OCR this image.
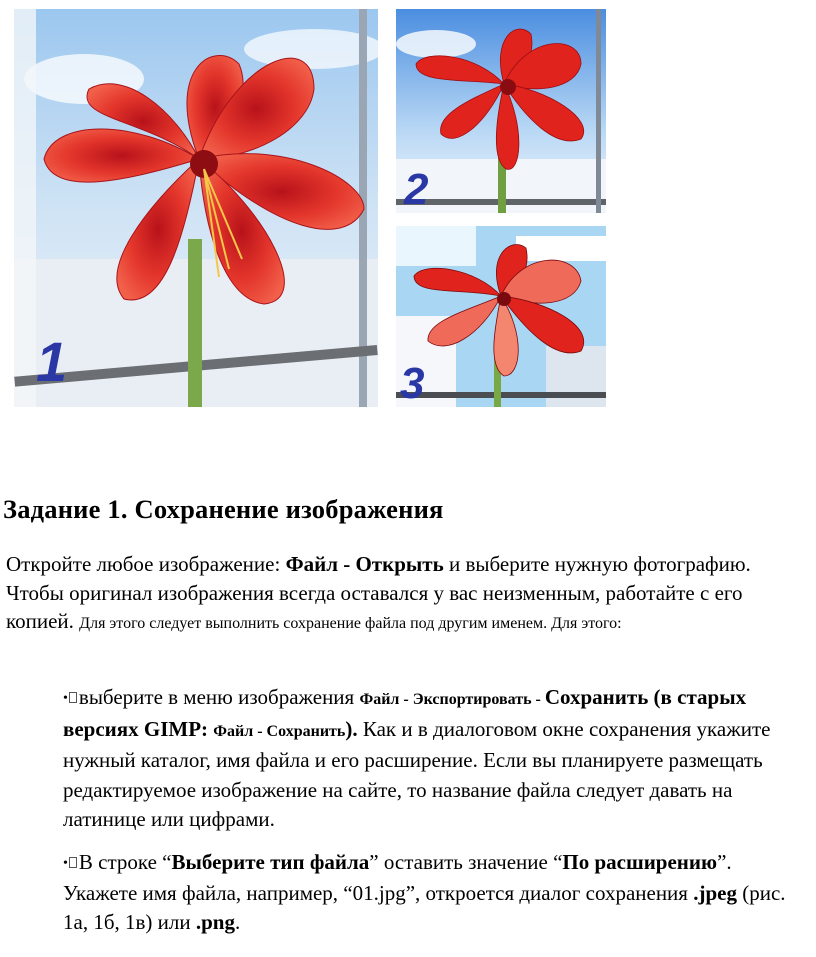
1
2
3
Задание 1. Сохранение изображения

Откройте любое изображение: Файл - Открыть и выберите нужную фотографию. Чтобы оригинал изображения всегда оставался у вас неизменным, работайте с его копией. Для этого следует выполнить сохранение файла под другим именем. Для этого:

• выберите в меню изображения Файл - Экспортировать - Сохранить (в старых версиях GIMP: Файл - Сохранить). Как и в диалоговом окне сохранения укажите нужный каталог, имя файла и его расширение. Если вы планируете размещать редактируемое изображение на сайте, то название файла следует давать на латинице или цифрами.

• В строке “Выберите тип файла” оставить значение “По расширению”. Укажете имя файла, например, “01.jpg”, откроется диалог сохранения .jpeg (рис. 1а, 1б, 1в) или .png.
